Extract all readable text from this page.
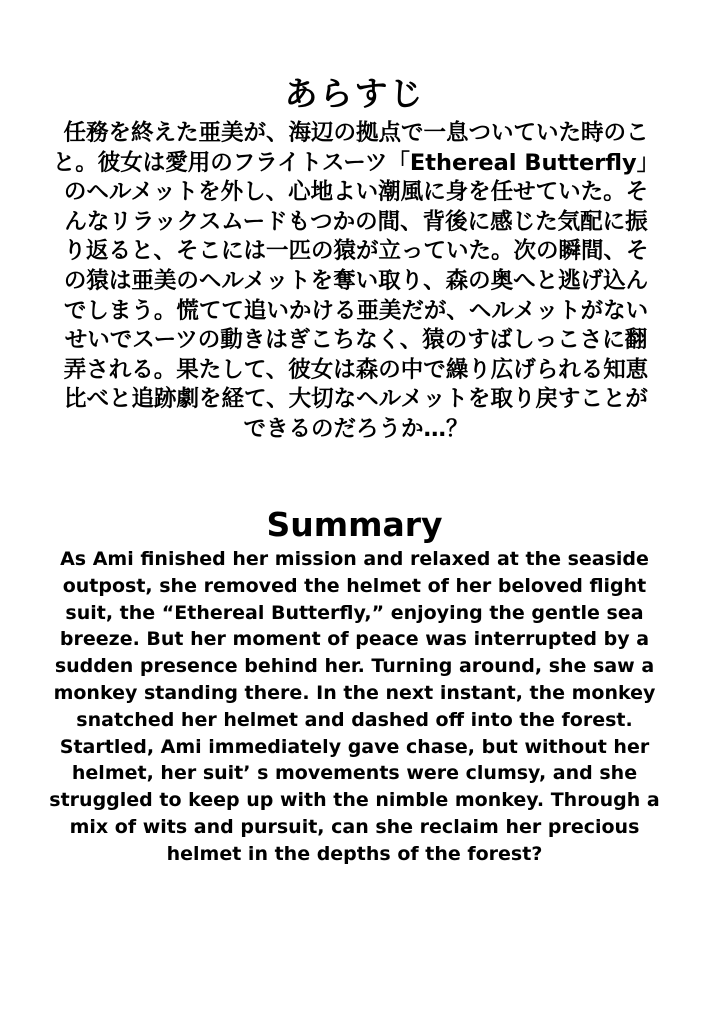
あらすじ
任務を終えた亜美が、海辺の拠点で一息ついていた時のこ
と。彼女は愛用のフライトスーツ「Ethereal Butterfly」
のヘルメットを外し、心地よい潮風に身を任せていた。そ
んなリラックスムードもつかの間、背後に感じた気配に振
り返ると、そこには一匹の猿が立っていた。次の瞬間、そ
の猿は亜美のヘルメットを奪い取り、森の奥へと逃げ込ん
でしまう。慌てて追いかける亜美だが、ヘルメットがない
せいでスーツの動きはぎこちなく、猿のすばしっこさに翻
弄される。果たして、彼女は森の中で繰り広げられる知恵
比べと追跡劇を経て、大切なヘルメットを取り戻すことが
できるのだろうか…？
Summary
As Ami finished her mission and relaxed at the seaside
outpost, she removed the helmet of her beloved flight
suit, the “Ethereal Butterfly,” enjoying the gentle sea
breeze. But her moment of peace was interrupted by a
sudden presence behind her. Turning around, she saw a
monkey standing there. In the next instant, the monkey
snatched her helmet and dashed off into the forest.
Startled, Ami immediately gave chase, but without her
helmet, her suit’ s movements were clumsy, and she
struggled to keep up with the nimble monkey. Through a
mix of wits and pursuit, can she reclaim her precious
helmet in the depths of the forest?
